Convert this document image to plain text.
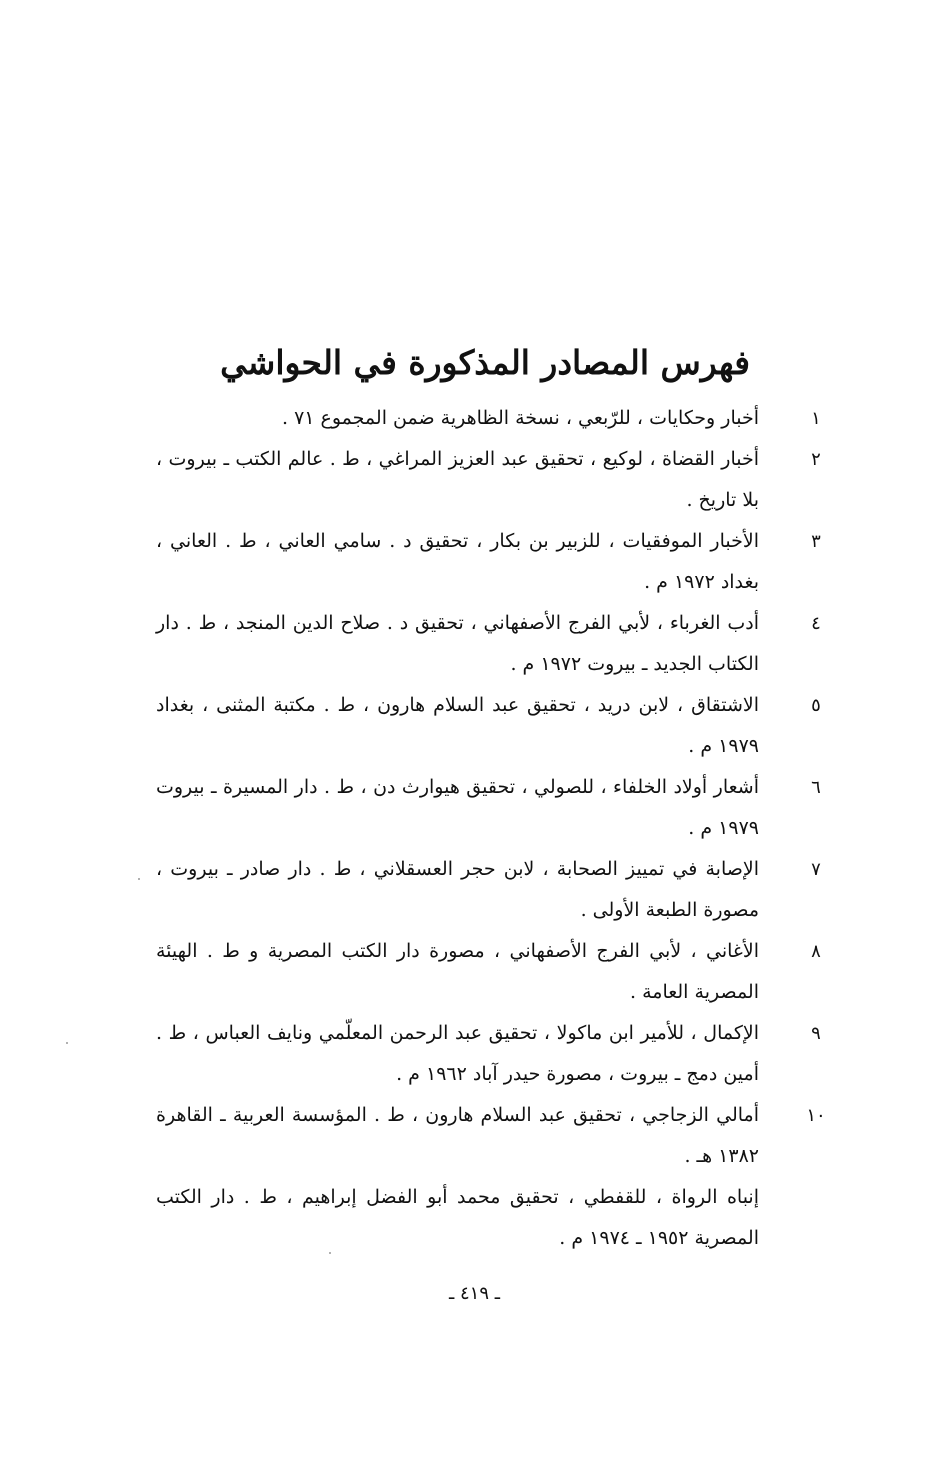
فهرس المصادر المذكورة في الحواشي
١
أخبار وحكايات ، للرّبعي ، نسخة الظاهرية ضمن المجموع ٧١ .
٢
أخبار القضاة ، لوكيع ، تحقيق عبد العزيز المراغي ، ط . عالم الكتب ـ بيروت ، بلا تاريخ .
٣
الأخبار الموفقيات ، للزبير بن بكار ، تحقيق د . سامي العاني ، ط . العاني ، بغداد ١٩٧٢ م .
٤
أدب الغرباء ، لأبي الفرج الأصفهاني ، تحقيق د . صلاح الدين المنجد ، ط . دار الكتاب الجديد ـ بيروت ١٩٧٢ م .
٥
الاشتقاق ، لابن دريد ، تحقيق عبد السلام هارون ، ط . مكتبة المثنى ، بغداد ١٩٧٩ م .
٦
أشعار أولاد الخلفاء ، للصولي ، تحقيق هيوارث دن ، ط . دار المسيرة ـ بيروت ١٩٧٩ م .
٧
الإصابة في تمييز الصحابة ، لابن حجر العسقلاني ، ط . دار صادر ـ بيروت ، مصورة الطبعة الأولى .
٨
الأغاني ، لأبي الفرج الأصفهاني ، مصورة دار الكتب المصرية و ط . الهيئة المصرية العامة .
٩
الإكمال ، للأمير ابن ماكولا ، تحقيق عبد الرحمن المعلّمي ونايف العباس ، ط . أمين دمج ـ بيروت ، مصورة حيدر آباد ١٩٦٢ م .
١٠
أمالي الزجاجي ، تحقيق عبد السلام هارون ، ط . المؤسسة العربية ـ القاهرة ١٣٨٢ هـ .
إنباه الرواة ، للقفطي ، تحقيق محمد أبو الفضل إبراهيم ، ط . دار الكتب المصرية ١٩٥٢ ـ ١٩٧٤ م .
ـ ٤١٩ ـ
